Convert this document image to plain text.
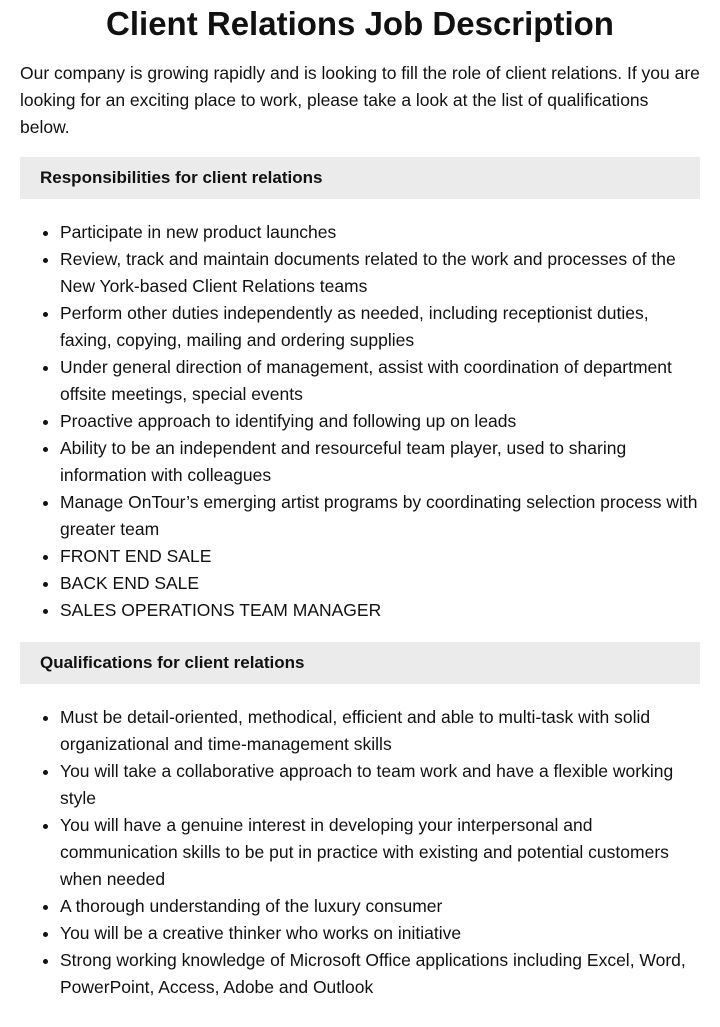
Client Relations Job Description

Our company is growing rapidly and is looking to fill the role of client relations. If you are looking for an exciting place to work, please take a look at the list of qualifications below.

Responsibilities for client relations
• Participate in new product launches
• Review, track and maintain documents related to the work and processes of the New York-based Client Relations teams
• Perform other duties independently as needed, including receptionist duties, faxing, copying, mailing and ordering supplies
• Under general direction of management, assist with coordination of department offsite meetings, special events
• Proactive approach to identifying and following up on leads
• Ability to be an independent and resourceful team player, used to sharing information with colleagues
• Manage OnTour’s emerging artist programs by coordinating selection process with greater team
• FRONT END SALE
• BACK END SALE
• SALES OPERATIONS TEAM MANAGER
Qualifications for client relations
• Must be detail-oriented, methodical, efficient and able to multi-task with solid organizational and time-management skills
• You will take a collaborative approach to team work and have a flexible working style
• You will have a genuine interest in developing your interpersonal and communication skills to be put in practice with existing and potential customers when needed
• A thorough understanding of the luxury consumer
• You will be a creative thinker who works on initiative
• Strong working knowledge of Microsoft Office applications including Excel, Word, PowerPoint, Access, Adobe and Outlook
